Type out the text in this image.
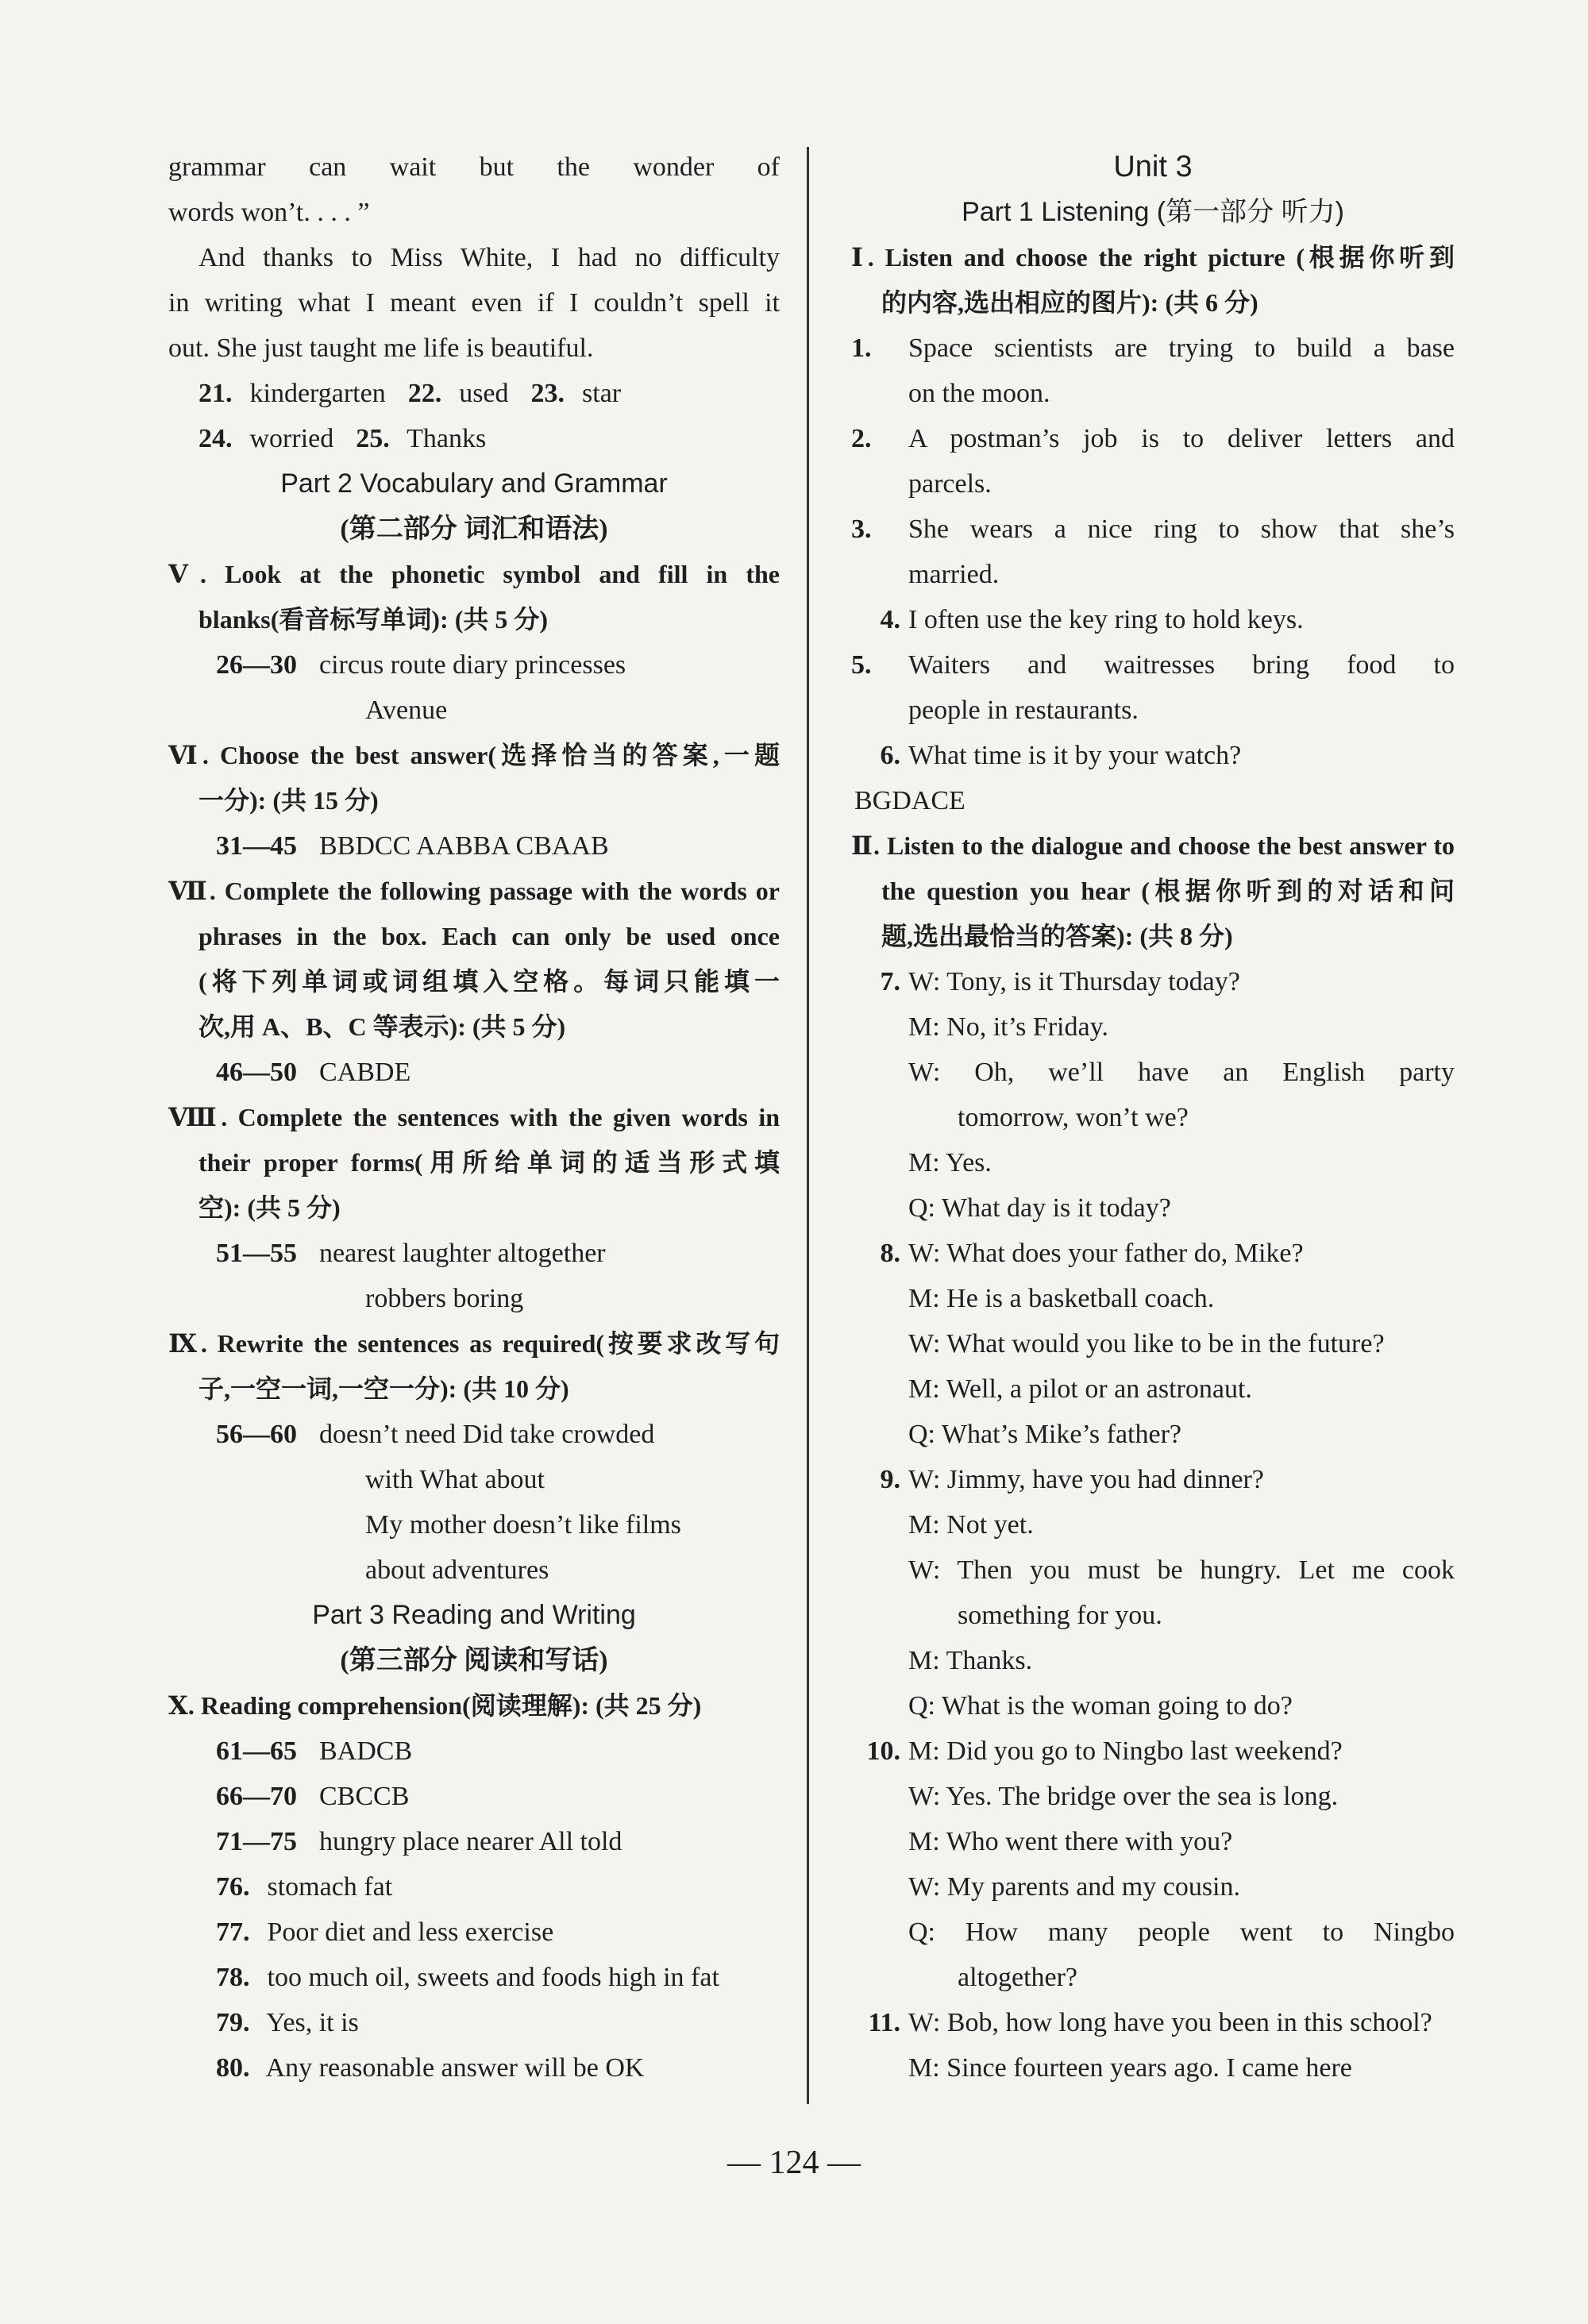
grammar can wait but the wonder of
words won’t. . . . ”
And thanks to Miss White, I had no difficulty
in writing what I meant even if I couldn’t spell it
out. She just taught me life is beautiful.
21. kindergarten 22. used 23. star
24. worried 25. Thanks
Part 2 Vocabulary and Grammar
(第二部分 词汇和语法)
Ⅴ. Look at the phonetic symbol and fill in the
blanks(看音标写单词): (共 5 分)
26—30 circus route diary princesses
Avenue
Ⅵ. Choose the best answer(选择恰当的答案,一题
一分): (共 15 分)
31—45 BBDCC AABBA CBAAB
Ⅶ. Complete the following passage with the words or
phrases in the box. Each can only be used once
(将下列单词或词组填入空格。每词只能填一
次,用 A、B、C 等表示): (共 5 分)
46—50 CABDE
Ⅷ. Complete the sentences with the given words in
their proper forms(用所给单词的适当形式填
空): (共 5 分)
51—55 nearest laughter altogether
robbers boring
Ⅸ. Rewrite the sentences as required(按要求改写句
子,一空一词,一空一分): (共 10 分)
56—60 doesn’t need Did take crowded
with What about
My mother doesn’t like films
about adventures
Part 3 Reading and Writing
(第三部分 阅读和写话)
Ⅹ. Reading comprehension(阅读理解): (共 25 分)
61—65 BADCB
66—70 CBCCB
71—75 hungry place nearer All told
76. stomach fat
77. Poor diet and less exercise
78. too much oil, sweets and foods high in fat
79. Yes, it is
80. Any reasonable answer will be OK
Unit 3
Part 1 Listening (第一部分 听力)
Ⅰ. Listen and choose the right picture (根据你听到
的内容,选出相应的图片): (共 6 分)
1. Space scientists are trying to build a base
on the moon.
2. A postman’s job is to deliver letters and
parcels.
3. She wears a nice ring to show that she’s
married.
4. I often use the key ring to hold keys.
5. Waiters and waitresses bring food to
people in restaurants.
6. What time is it by your watch?
BGDACE
Ⅱ. Listen to the dialogue and choose the best answer to
the question you hear (根据你听到的对话和问
题,选出最恰当的答案): (共 8 分)
7. W: Tony, is it Thursday today?
M: No, it’s Friday.
W: Oh, we’ll have an English party
tomorrow, won’t we?
M: Yes.
Q: What day is it today?
8. W: What does your father do, Mike?
M: He is a basketball coach.
W: What would you like to be in the future?
M: Well, a pilot or an astronaut.
Q: What’s Mike’s father?
9. W: Jimmy, have you had dinner?
M: Not yet.
W: Then you must be hungry. Let me cook
something for you.
M: Thanks.
Q: What is the woman going to do?
10. M: Did you go to Ningbo last weekend?
W: Yes. The bridge over the sea is long.
M: Who went there with you?
W: My parents and my cousin.
Q: How many people went to Ningbo
altogether?
11. W: Bob, how long have you been in this school?
M: Since fourteen years ago. I came here
— 124 —
